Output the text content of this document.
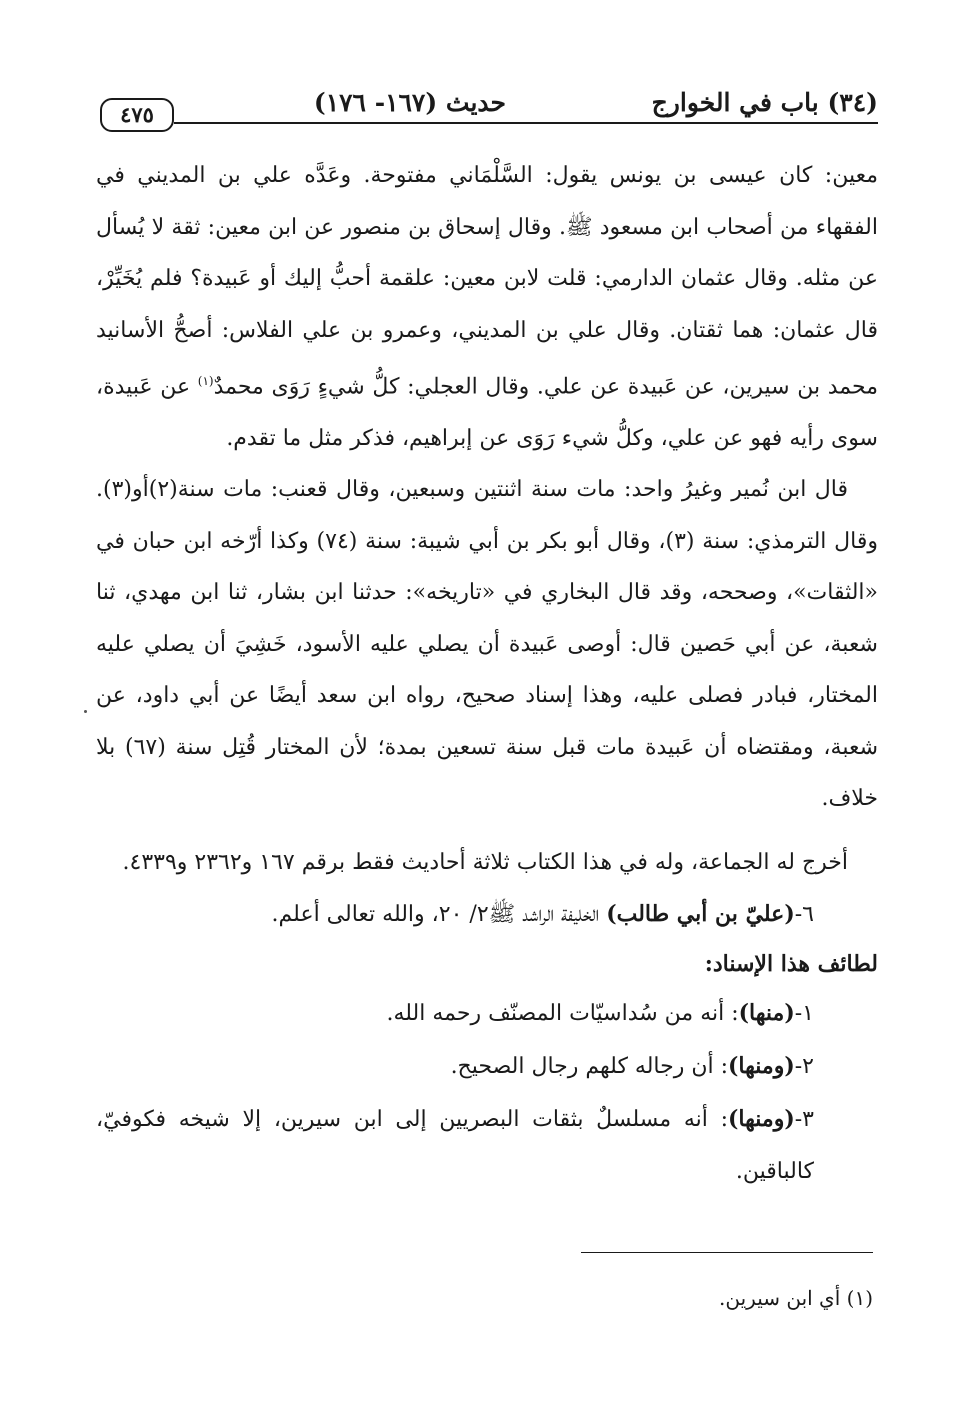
(٣٤) باب في الخوارج
حديث (١٦٧- ١٧٦)
٤٧٥

معين: كان عيسى بن يونس يقول: السَّلْمَاني مفتوحة. وعَدَّه علي بن المديني في الفقهاء من أصحاب ابن مسعود ﷺ. وقال إسحاق بن منصور عن ابن معين: ثقة لا يُسأل عن مثله. وقال عثمان الدارمي: قلت لابن معين: علقمة أحبُّ إليك أو عَبيدة؟ فلم يُخَيِّرْ، قال عثمان: هما ثقتان. وقال علي بن المديني، وعمرو بن علي الفلاس: أصحُّ الأسانيد محمد بن سيرين، عن عَبيدة عن علي. وقال العجلي: كلُّ شيءٍ رَوَى محمدٌ$^{(١)}$ عن عَبيدة، سوى رأيه فهو عن علي، وكلُّ شيء رَوَى عن إبراهيم، فذكر مثل ما تقدم.

قال ابن نُمير وغيرُ واحد: مات سنة اثنتين وسبعين، وقال قعنب: مات سنة(٢)أو(٣). وقال الترمذي: سنة (٣)، وقال أبو بكر بن أبي شيبة: سنة (٧٤) وكذا أرّخه ابن حبان في «الثقات»، وصححه، وقد قال البخاري في «تاريخه»: حدثنا ابن بشار، ثنا ابن مهدي، ثنا شعبة، عن أبي حَصين قال: أوصى عَبيدة أن يصلي عليه الأسود، خَشِيَ أن يصلي عليه المختار، فبادر فصلى عليه، وهذا إسناد صحيح، رواه ابن سعد أيضًا عن أبي داود، عن شعبة، ومقتضاه أن عَبيدة مات قبل سنة تسعين بمدة؛ لأن المختار قُتِل سنة (٦٧) بلا خلاف.

أخرج له الجماعة، وله في هذا الكتاب ثلاثة أحاديث فقط برقم ١٦٧ و٢٣٦٢ و٤٣٣٩.

٦-(عليّ بن أبي طالب) الخليفة الراشد ﷺ٢/ ٢٠، والله تعالى أعلم.

لطائف هذا الإسناد:

١-(منها): أنه من سُداسيّات المصنّف رحمه الله.

٢-(ومنها): أن رجاله كلهم رجال الصحيح.

٣-(ومنها): أنه مسلسلٌ بثقات البصريين إلى ابن سيرين، إلا شيخه فكوفيّ، كالباقين.

(١) أي ابن سيرين.
